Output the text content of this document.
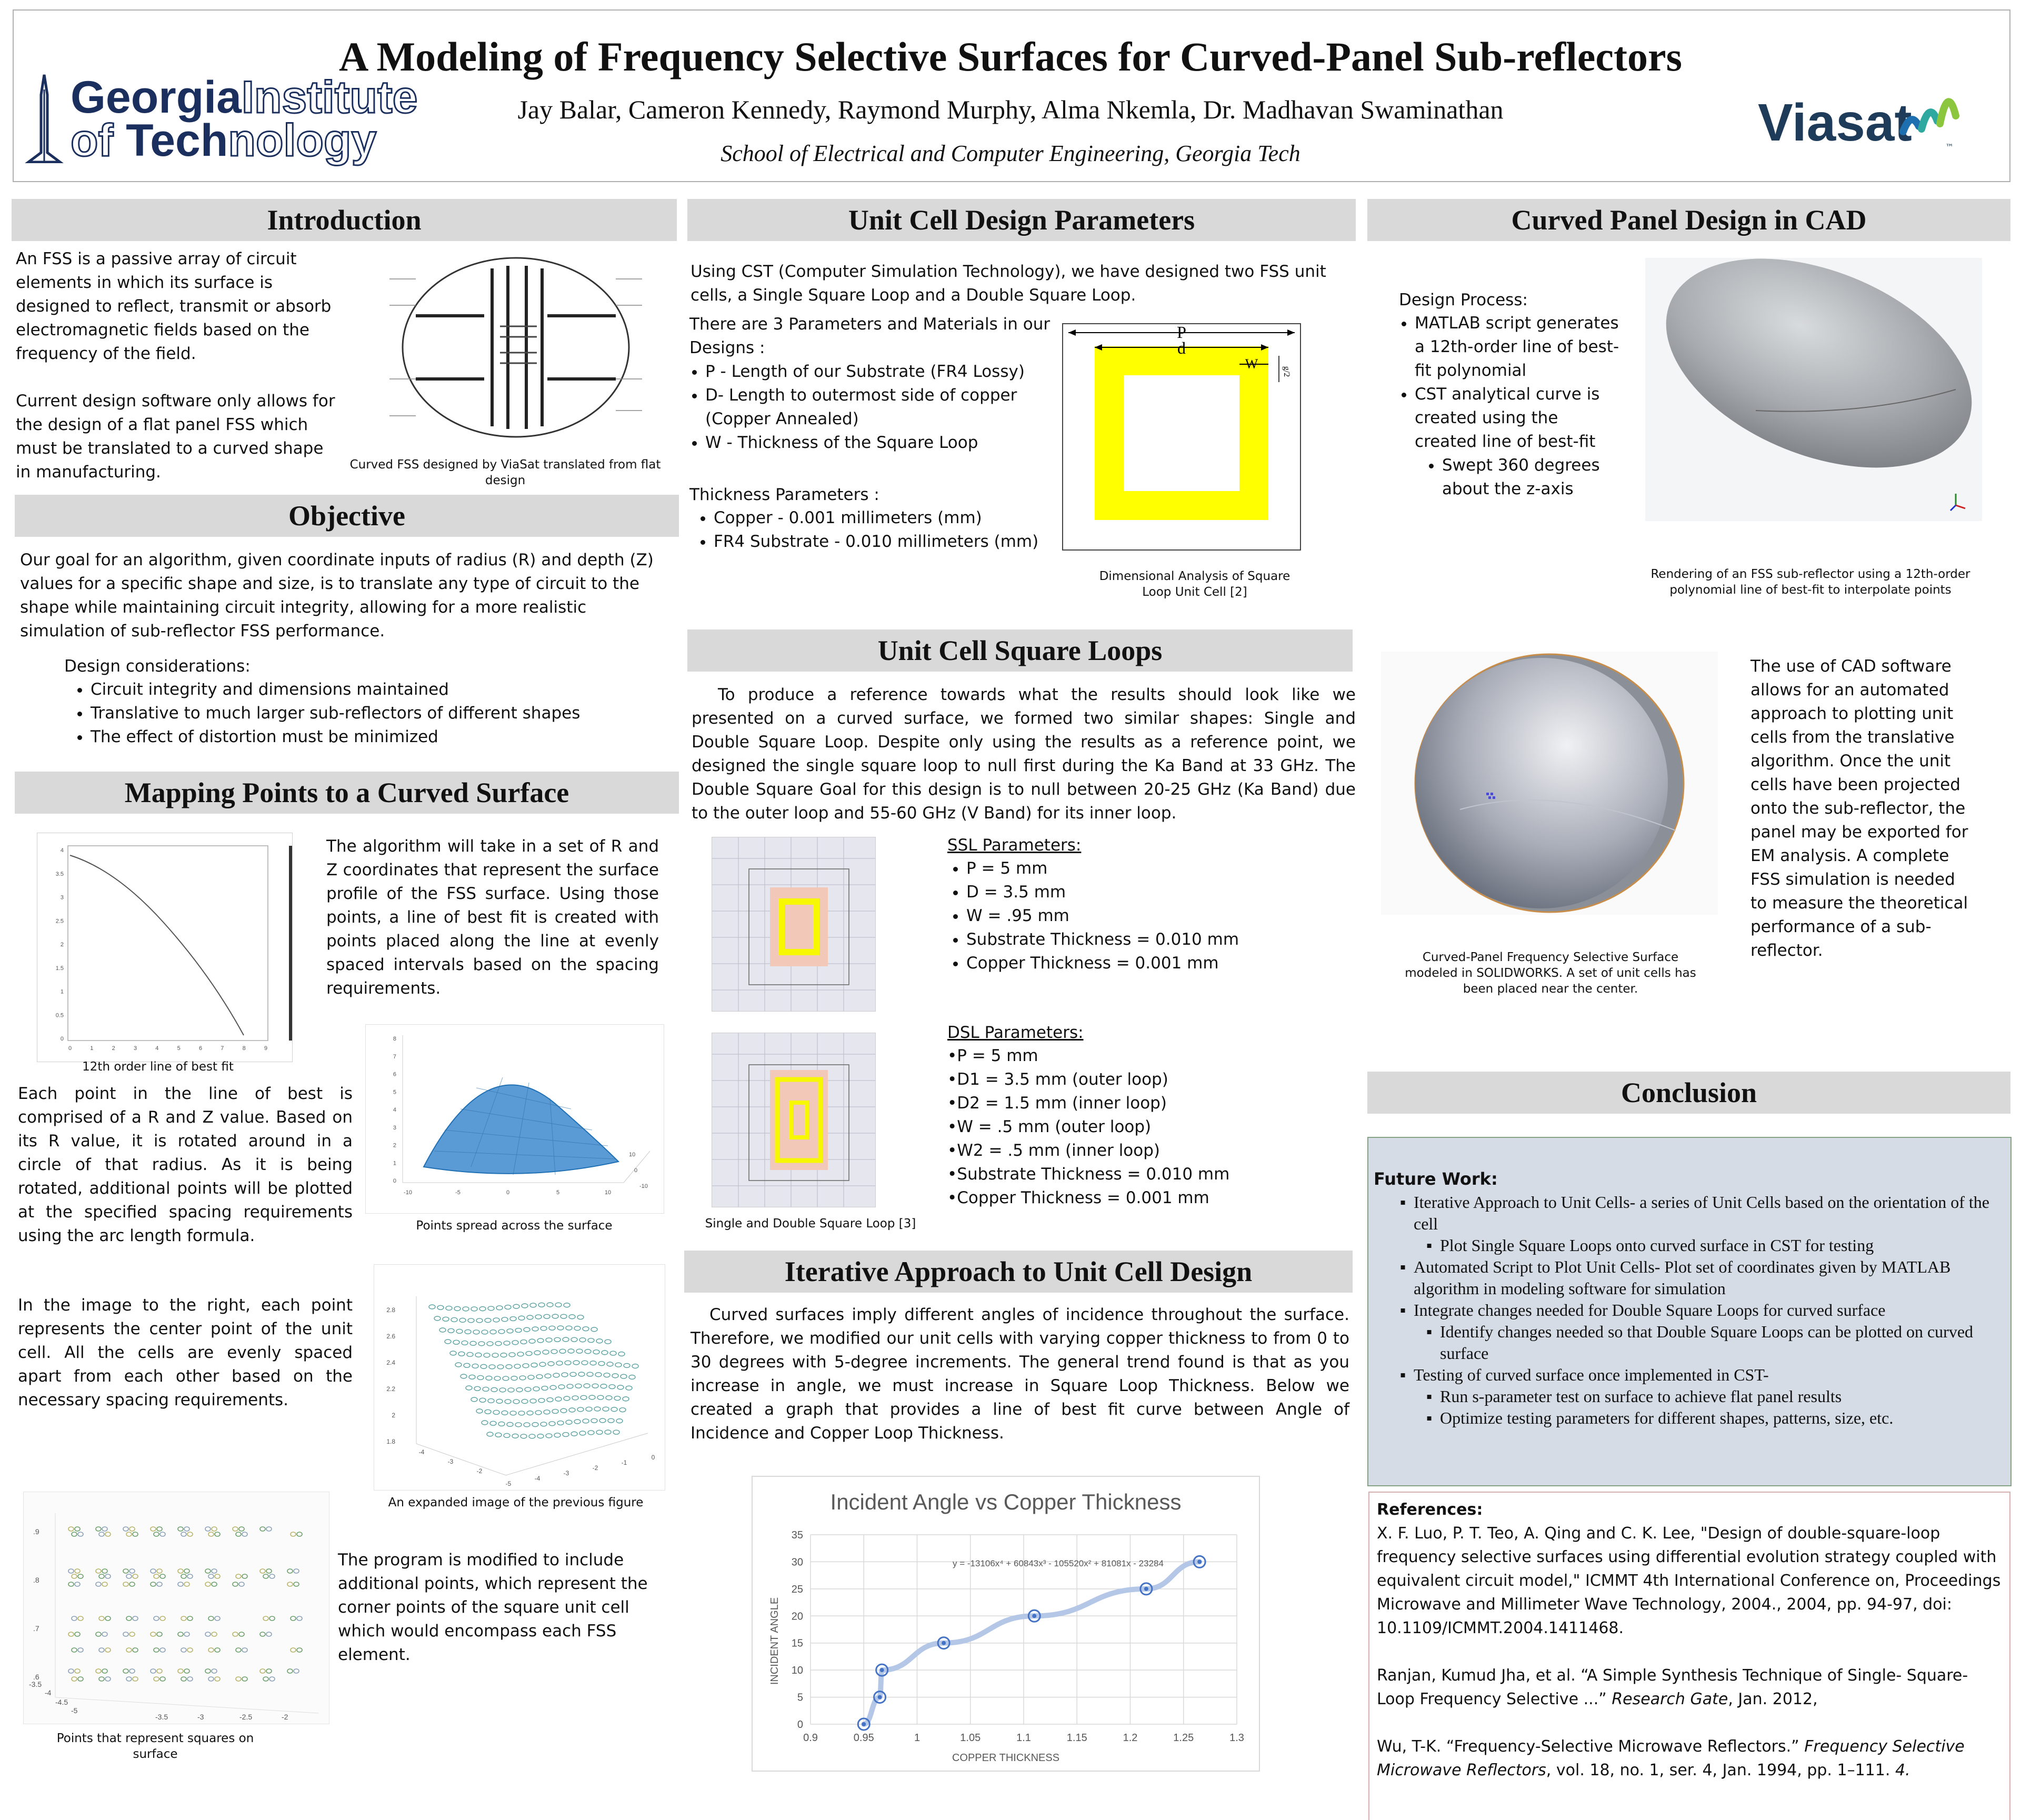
GeorgiaInstitute
of Technology
A Modeling of Frequency Selective Surfaces for Curved-Panel Sub-reflectors
Jay Balar, Cameron Kennedy, Raymond Murphy, Alma Nkemla, Dr. Madhavan Swaminathan
School of Electrical and Computer Engineering, Georgia Tech
Viasat	™
Introduction
An FSS is a passive array of circuit elements in which its surface is designed to reflect, transmit or absorb electromagnetic fields based on the frequency of the field.
Current design software only allows for the design of a flat panel FSS which must be translated to a curved shape in manufacturing.	Curved FSS designed by ViaSat translated from flat design
Objective
Our goal for an algorithm, given coordinate inputs of radius (R) and depth (Z) values for a specific shape and size, is to translate any type of circuit to the shape while maintaining circuit integrity, allowing for a more realistic simulation of sub-reflector FSS performance.
Design considerations:
• Circuit integrity and dimensions maintained
• Translative to much larger sub-reflectors of different shapes
• The effect of distortion must be minimized
Mapping Points to a Curved Surface
4
3.5
3
2.5
2
1.5
1
0.5
0
0	1	2	3	4	5	6	7	8	9
12th order line of best fit
The algorithm will take in a set of R and Z coordinates that represent the surface profile of the FSS surface. Using those points, a line of best fit is created with points placed along the line at evenly spaced intervals based on the spacing requirements.
Each point in the line of best is comprised of a R and Z value. Based on its R value, it is rotated around in a circle of that radius. As it is being rotated, additional points will be plotted at the specified spacing requirements using the arc length formula.
8
7
6
5
4
3
2
1
0
-10	-5	0	5	10
10
0
-10
Points spread across the surface
In the image to the right, each point represents the center point of the unit cell. All the cells are evenly spaced apart from each other based on the necessary spacing requirements.
2.8
2.6
2.4
2.2
2
1.8
-4
-3
-2
-5
-4
-3
-2
-1
0
An expanded image of the previous figure
.9
.8
.7
.6
-3.5
-4
-4.5
-5
-3.5	-3	-2.5	-2
Points that represent squares on surface
The program is modified to include additional points, which represent the corner points of the square unit cell which would encompass each FSS element.
Unit Cell Design Parameters
Using CST (Computer Simulation Technology), we have designed two FSS unit cells, a Single Square Loop and a Double Square Loop.
There are 3 Parameters and Materials in our Designs :
• P - Length of our Substrate (FR4 Lossy)
• D- Length to outermost side of copper (Copper Annealed)
• W - Thickness of the Square Loop
Thickness Parameters :
• Copper - 0.001 millimeters (mm)
• FR4 Substrate - 0.010 millimeters (mm)
P
d
W	g/2
Dimensional Analysis of Square Loop Unit Cell [2]
Unit Cell Square Loops
To produce a reference towards what the results should look like we presented on a curved surface, we formed two similar shapes: Single and Double Square Loop. Despite only using the results as a reference point, we designed the single square loop to null first during the Ka Band at 33 GHz. The Double Square Goal for this design is to null between 20-25 GHz (Ka Band) due to the outer loop and 55-60 GHz (V Band) for its inner loop.
SSL Parameters:
• P = 5 mm
• D = 3.5 mm
• W = .95 mm
• Substrate Thickness = 0.010 mm
• Copper Thickness = 0.001 mm
DSL Parameters:
•P = 5 mm
•D1 = 3.5 mm (outer loop)
•D2 = 1.5 mm (inner loop)
•W = .5 mm (outer loop)
•W2 = .5 mm (inner loop)
•Substrate Thickness = 0.010 mm
•Copper Thickness = 0.001 mm
Single and Double Square Loop [3]
Iterative Approach to Unit Cell Design
Curved surfaces imply different angles of incidence throughout the surface. Therefore, we modified our unit cells with varying copper thickness to from 0 to 30 degrees with 5-degree increments. The general trend found is that as you increase in angle, we must increase in Square Loop Thickness. Below we created a graph that provides a line of best fit curve between Angle of Incidence and Copper Loop Thickness.
Incident Angle vs Copper Thickness
0
5
10
15
20
25
30
35
0.9	0.95	1	1.05	1.1	1.15	1.2	1.25	1.3
y = -13106x⁴ + 60843x³ - 105520x² + 81081x - 23284
COPPER THICKNESS
INCIDENT ANGLE
Curved Panel Design in CAD
Design Process:
• MATLAB script generates a 12th-order line of best-fit polynomial
• CST analytical curve is created using the created line of best-fit
• Swept 360 degrees about the z-axis
Rendering of an FSS sub-reflector using a 12th-order polynomial line of best-fit to interpolate points
Curved-Panel Frequency Selective Surface modeled in SOLIDWORKS. A set of unit cells has been placed near the center.
The use of CAD software allows for an automated approach to plotting unit cells from the translative algorithm. Once the unit cells have been projected onto the sub-reflector, the panel may be exported for EM analysis. A complete FSS simulation is needed to measure the theoretical performance of a sub-reflector.
Conclusion
Future Work:
▪ Iterative Approach to Unit Cells- a series of Unit Cells based on the orientation of the cell
▪ Plot Single Square Loops onto curved surface in CST for testing
▪ Automated Script to Plot Unit Cells- Plot set of coordinates given by MATLAB algorithm in modeling software for simulation
▪ Integrate changes needed for Double Square Loops for curved surface
▪ Identify changes needed so that Double Square Loops can be plotted on curved surface
▪ Testing of curved surface once implemented in CST-
▪ Run s-parameter test on surface to achieve flat panel results
▪ Optimize testing parameters for different shapes, patterns, size, etc.
References:
X. F. Luo, P. T. Teo, A. Qing and C. K. Lee, "Design of double-square-loop frequency selective surfaces using differential evolution strategy coupled with equivalent circuit model," ICMMT 4th International Conference on, Proceedings Microwave and Millimeter Wave Technology, 2004., 2004, pp. 94-97, doi: 10.1109/ICMMT.2004.1411468.
Ranjan, Kumud Jha, et al. “A Simple Synthesis Technique of Single- Square-Loop Frequency Selective ...” Research Gate, Jan. 2012,
Wu, T-K. “Frequency-Selective Microwave Reflectors.” Frequency Selective Microwave Reflectors, vol. 18, no. 1, ser. 4, Jan. 1994, pp. 1–111. 4.
